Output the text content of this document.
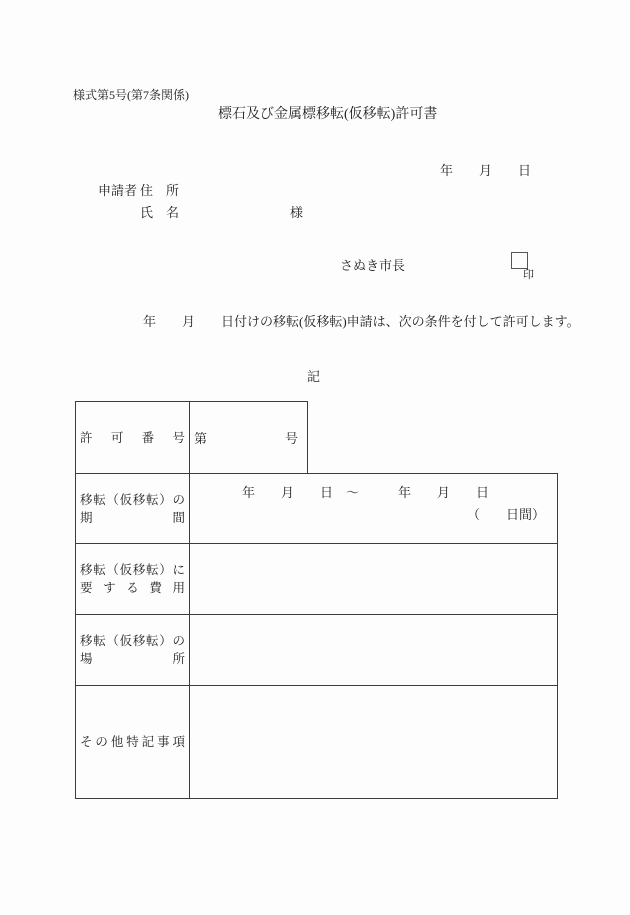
様式第5号(第7条関係)
標石及び金属標移転(仮移転)許可書
年　　月　　日
申請者 住　所
氏　名	様
さぬき市長

印

年　　月　　日付けの移転(仮移転)申請は、次の条件を付して許可します。
記
許可番号 第	号
移転（仮移転）の
期間
年　　月　　日　～　　　年　　月　　日
（　　日間）
移転（仮移転）に
要する費用
移転（仮移転）の
場所
その他特記事項
